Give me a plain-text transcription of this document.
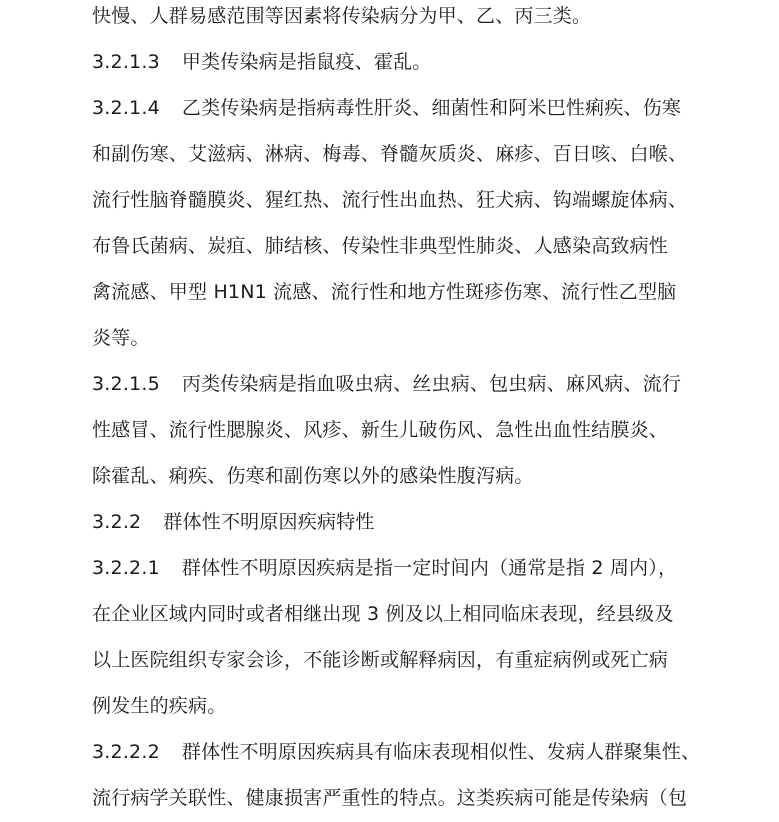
快慢、人群易感范围等因素将传染病分为甲、乙、丙三类。
3.2.1.3 甲类传染病是指鼠疫、霍乱。
3.2.1.4 乙类传染病是指病毒性肝炎、细菌性和阿米巴性痢疾、伤寒
和副伤寒、艾滋病、淋病、梅毒、脊髓灰质炎、麻疹、百日咳、白喉、
流行性脑脊髓膜炎、猩红热、流行性出血热、狂犬病、钩端螺旋体病、
布鲁氏菌病、炭疽、肺结核、传染性非典型性肺炎、人感染高致病性
禽流感、甲型 H1N1 流感、流行性和地方性斑疹伤寒、流行性乙型脑
炎等。
3.2.1.5 丙类传染病是指血吸虫病、丝虫病、包虫病、麻风病、流行
性感冒、流行性腮腺炎、风疹、新生儿破伤风、急性出血性结膜炎、
除霍乱、痢疾、伤寒和副伤寒以外的感染性腹泻病。
3.2.2 群体性不明原因疾病特性
3.2.2.1 群体性不明原因疾病是指一定时间内（通常是指 2 周内），
在企业区域内同时或者相继出现 3 例及以上相同临床表现，经县级及
以上医院组织专家会诊，不能诊断或解释病因，有重症病例或死亡病
例发生的疾病。
3.2.2.2 群体性不明原因疾病具有临床表现相似性、发病人群聚集性、
流行病学关联性、健康损害严重性的特点。这类疾病可能是传染病（包
